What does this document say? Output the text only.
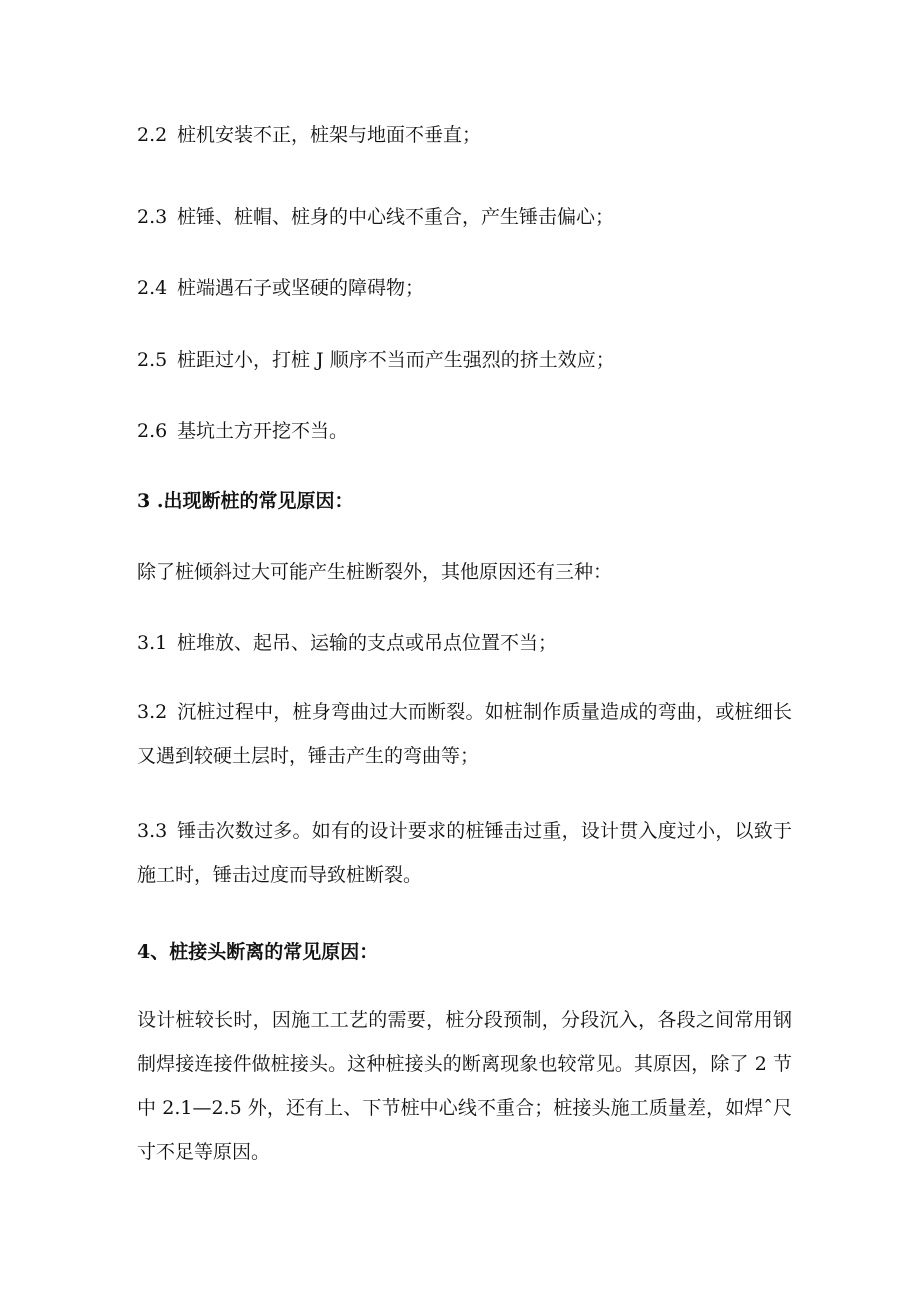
2.2 桩机安装不正，桩架与地面不垂直；
2.3 桩锤、桩帽、桩身的中心线不重合，产生锤击偏心；
2.4 桩端遇石子或坚硬的障碍物；
2.5 桩距过小，打桩 J 顺序不当而产生强烈的挤土效应；
2.6 基坑土方开挖不当。
3 .出现断桩的常见原因：
除了桩倾斜过大可能产生桩断裂外，其他原因还有三种：
3.1 桩堆放、起吊、运输的支点或吊点位置不当；
3.2 沉桩过程中，桩身弯曲过大而断裂。如桩制作质量造成的弯曲，或桩细长又遇到较硬土层时，锤击产生的弯曲等；
3.3 锤击次数过多。如有的设计要求的桩锤击过重，设计贯入度过小，以致于施工时，锤击过度而导致桩断裂。
4、桩接头断离的常见原因：
设计桩较长时，因施工工艺的需要，桩分段预制，分段沉入，各段之间常用钢制焊接连接件做桩接头。这种桩接头的断离现象也较常见。其原因，除了 2 节中 2.1—2.5 外，还有上、下节桩中心线不重合；桩接头施工质量差，如焊ˆ尺寸不足等原因。
